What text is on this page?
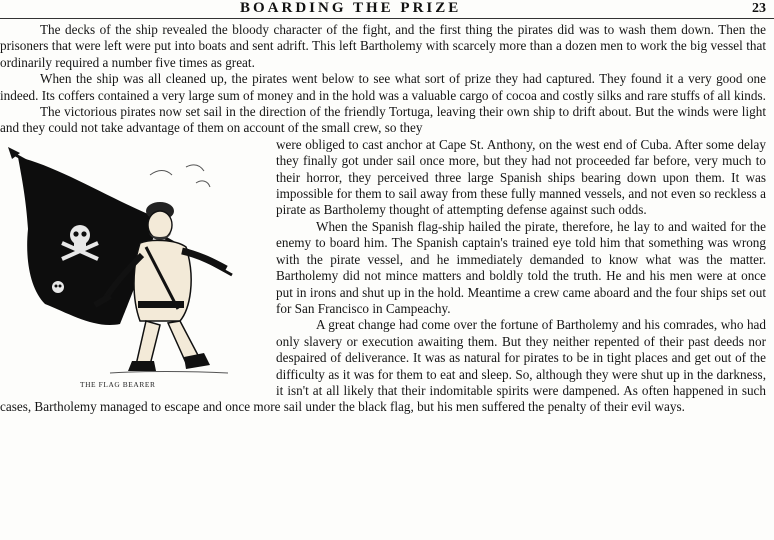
BOARDING THE PRIZE	23

The decks of the ship revealed the bloody character of the fight, and the first thing the pirates did was to wash them down. Then the prisoners that were left were put into boats and sent adrift. This left Bartholemy with scarcely more than a dozen men to work the big vessel that ordinarily required a number five times as great.

When the ship was all cleaned up, the pirates went below to see what sort of prize they had captured. They found it a very good one indeed. Its coffers contained a very large sum of money and in the hold was a valuable cargo of cocoa and costly silks and rare stuffs of all kinds.

The victorious pirates now set sail in the direction of the friendly Tortuga, leaving their own ship to drift about. But the winds were light and they could not take advantage of them on account of the small crew, so they

THE FLAG BEARER

were obliged to cast anchor at Cape St. Anthony, on the west end of Cuba. After some delay they finally got under sail once more, but they had not proceeded far before, very much to their horror, they perceived three large Spanish ships bearing down upon them. It was impossible for them to sail away from these fully manned vessels, and not even so reckless a pirate as Bartholemy thought of attempting defense against such odds.

When the Spanish flag-ship hailed the pirate, therefore, he lay to and waited for the enemy to board him. The Spanish captain's trained eye told him that something was wrong with the pirate vessel, and he immediately demanded to know what was the matter. Bartholemy did not mince matters and boldly told the truth. He and his men were at once put in irons and shut up in the hold. Meantime a crew came aboard and the four ships set out for San Francisco in Campeachy.

A great change had come over the fortune of Bartholemy and his comrades, who had only slavery or execution awaiting them. But they neither repented of their past deeds nor despaired of deliverance. It was as natural for pirates to be in tight places and get out of the difficulty as it was for them to eat and sleep. So, although they were shut up in the darkness, it isn't at all likely that their indomitable spirits were dampened. As often happened in such cases, Bartholemy managed to escape and once more sail under the black flag, but his men suffered the penalty of their evil ways.
